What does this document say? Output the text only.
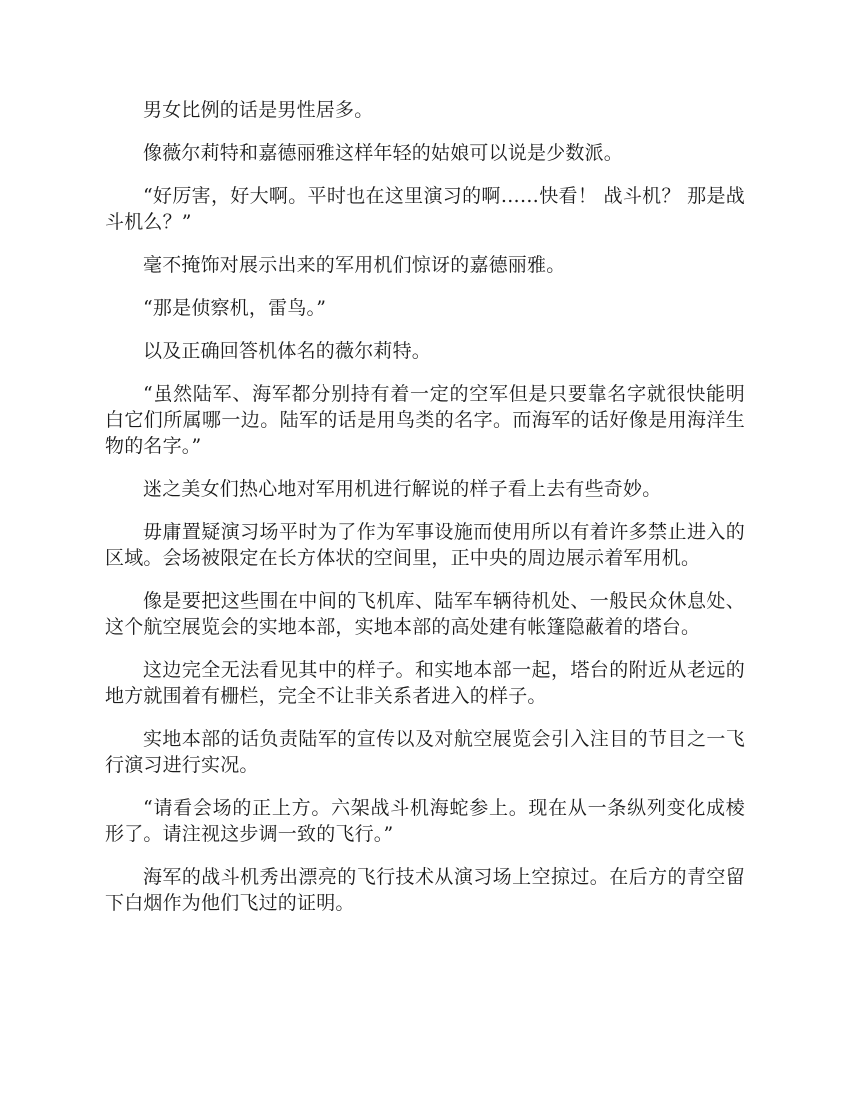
男女比例的话是男性居多。

像薇尔莉特和嘉德丽雅这样年轻的姑娘可以说是少数派。

“好厉害，好大啊。平时也在这里演习的啊……快看！ 战斗机？ 那是战斗机么？”

毫不掩饰对展示出来的军用机们惊讶的嘉德丽雅。

“那是侦察机，雷鸟。”

以及正确回答机体名的薇尔莉特。

“虽然陆军、海军都分别持有着一定的空军但是只要靠名字就很快能明白它们所属哪一边。陆军的话是用鸟类的名字。而海军的话好像是用海洋生物的名字。”

迷之美女们热心地对军用机进行解说的样子看上去有些奇妙。

毋庸置疑演习场平时为了作为军事设施而使用所以有着许多禁止进入的区域。会场被限定在长方体状的空间里，正中央的周边展示着军用机。

像是要把这些围在中间的飞机库、陆军车辆待机处、一般民众休息处、这个航空展览会的实地本部，实地本部的高处建有帐篷隐蔽着的塔台。

这边完全无法看见其中的样子。和实地本部一起，塔台的附近从老远的地方就围着有栅栏，完全不让非关系者进入的样子。

实地本部的话负责陆军的宣传以及对航空展览会引入注目的节目之一飞行演习进行实况。

“请看会场的正上方。六架战斗机海蛇参上。现在从一条纵列变化成棱形了。请注视这步调一致的飞行。”

海军的战斗机秀出漂亮的飞行技术从演习场上空掠过。在后方的青空留下白烟作为他们飞过的证明。
